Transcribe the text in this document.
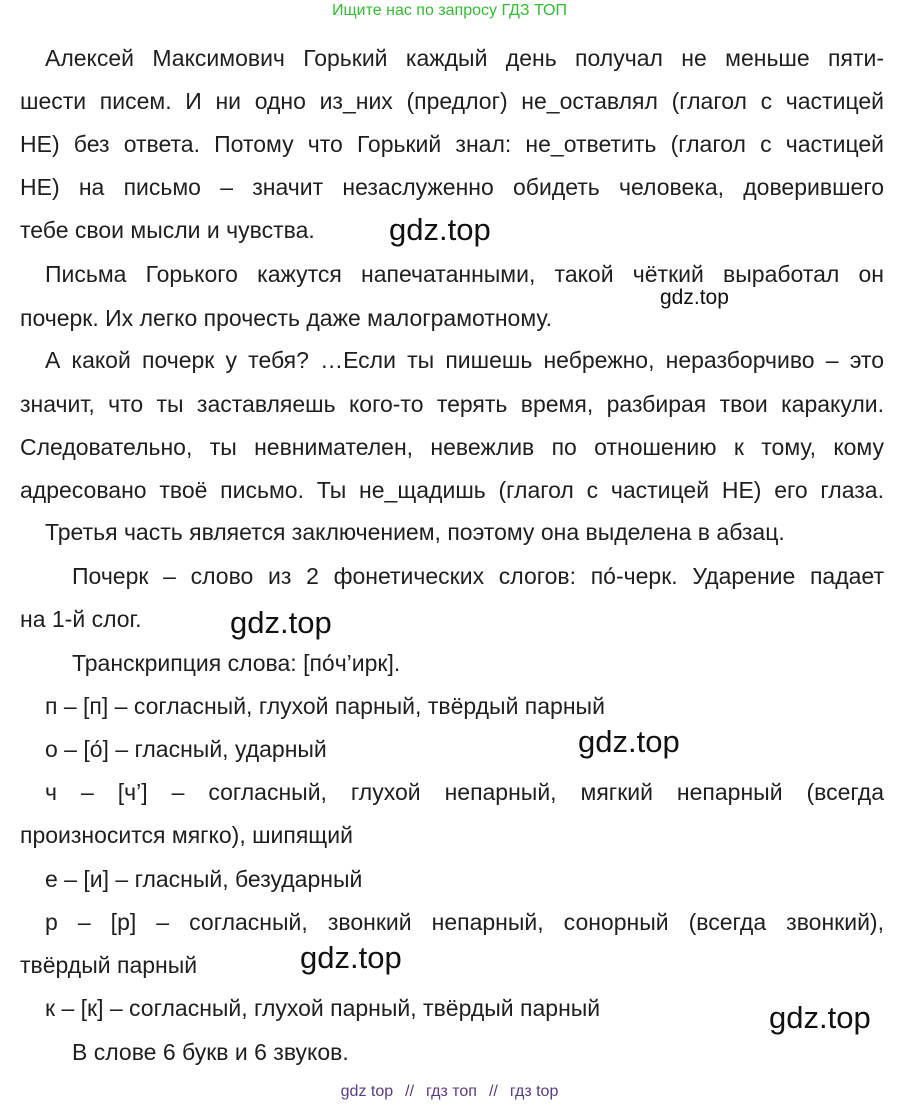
Ищите нас по запросу ГДЗ ТОП
Алексей Максимович Горький каждый день получал не меньше пяти-
шести писем. И ни одно из_них (предлог) не_оставлял (глагол с частицей
НЕ) без ответа. Потому что Горький знал: не_ответить (глагол с частицей
НЕ) на письмо – значит незаслуженно обидеть человека, доверившего
тебе свои мысли и чувства.
Письма Горького кажутся напечатанными, такой чёткий выработал он
почерк. Их легко прочесть даже малограмотному.
А какой почерк у тебя? …Если ты пишешь небрежно, неразборчиво – это
значит, что ты заставляешь кого-то терять время, разбирая твои каракули.
Следовательно, ты невнимателен, невежлив по отношению к тому, кому
адресовано твоё письмо. Ты не_щадишь (глагол с частицей НЕ) его глаза.
Третья часть является заключением, поэтому она выделена в абзац.
Почерк – слово из 2 фонетических слогов: по́-черк. Ударение падает
на 1-й слог.
Транскрипция слова: [по́ч’ирк].
п – [п] – согласный, глухой парный, твёрдый парный
о – [о́] – гласный, ударный
ч – [ч’] – согласный, глухой непарный, мягкий непарный (всегда
произносится мягко), шипящий
е – [и] – гласный, безударный
р – [р] – согласный, звонкий непарный, сонорный (всегда звонкий),
твёрдый парный
к – [к] – согласный, глухой парный, твёрдый парный
В слове 6 букв и 6 звуков.
gdz.top
gdz.top
gdz.top
gdz.top
gdz.top
gdz.top
gdz top // гдз топ // гдз top
